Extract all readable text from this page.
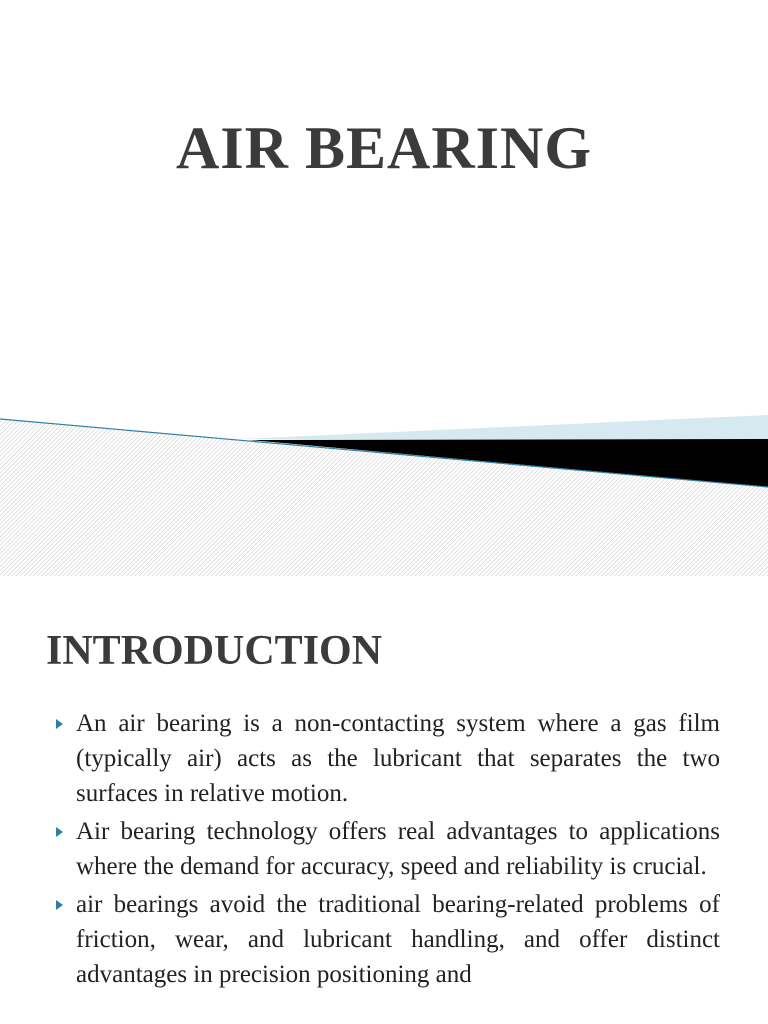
AIR BEARING
INTRODUCTION
An air bearing is a non-contacting system where a gas film (typically air) acts as the lubricant that separates the two surfaces in relative motion.
Air bearing technology offers real advantages to applications where the demand for accuracy, speed and reliability is crucial.
air bearings avoid the traditional bearing-related problems of friction, wear, and lubricant handling, and offer distinct advantages in precision positioning and
